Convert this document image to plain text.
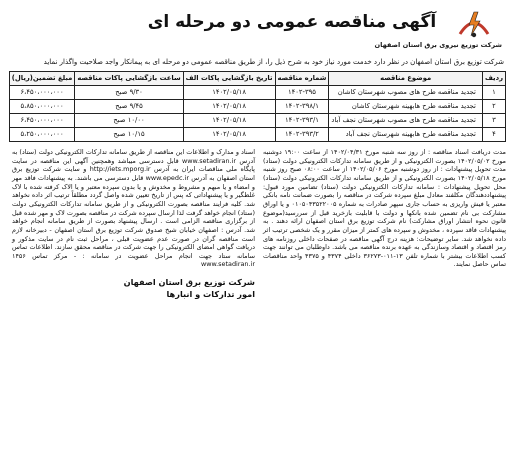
آگهی مناقصه عمومی دو مرحله ای
شرکت توزیع نیروی برق استان اصفهان
شرکت توزیع برق استان اصفهان در نظر دارد خدمت مورد نیاز خود به شرح ذیل را، از طریق مناقصه عمومی دو مرحله ای به پیمانکار واجد صلاحیت واگذار نماید
ردیف	موضوع مناقصه	شماره مناقصه	تاریخ بازگشایی پاکات الف	ساعت بازگشایی پاکات مناقصه	مبلغ تضمین(ریال)
۱	تجدید مناقصه طرح های مصوب شهرستان کاشان	۱۴۰۲-۳۹۵	۱۴۰۲/۰۵/۱۸	۹/۳۰ صبح	۶،۴۵۰،۰۰۰،۰۰۰
۲	تجدید مناقصه طرح هابهینه شهرستان کاشان	۱۴۰۲-۳۹۸/۱	۱۴۰۲/۰۵/۱۸	۹/۴۵ صبح	۵،۸۵۰،۰۰۰،۰۰۰
۳	تجدید مناقصه طرح های مصوب شهرستان نجف آباد	۱۴۰۲-۳۹۳/۱	۱۴۰۲/۰۵/۱۸	۱۰/۰۰ صبح	۶،۴۵۰،۰۰۰،۰۰۰
۴	تجدید مناقصه طرح هابهینه شهرستان نجف آباد	۱۴۰۲-۳۹۳/۲	۱۴۰۲/۰۵/۱۸	۱۰/۱۵ صبح	۵،۲۵۰،۰۰۰،۰۰۰

مدت دریافت اسناد مناقصه : از روز سه شنبه مورخ ۱۴۰۲/۰۴/۳۱ از ساعت ۱۹:۰۰ دوشنبه مورخ ۱۴۰۲/۰۵/۰۲ بصورت الکترونیکی و از طریق سامانه تدارکات الکترونیکی دولت (ستاد) مدت تحویل پیشنهادات : از روز دوشنبه مورخ ۱۴۰۲/۰۵/۰۶ از ساعت ۰۸:۰۰ صبح روز شنبه مورخ ۱۴۰۲/۰۵/۱۸ بصورت الکترونیکی و از طریق سامانه تدارکات الکترونیکی دولت (ستاد) محل تحویل پیشنهادات : سامانه تدارکات الکترونیکی دولت (ستاد) تضامین مورد قبول: پیشنهاددهندگان مکلفند معادل مبلغ سپرده شرکت در مناقصه را بصورت ضمانت نامه بانکی معتبر یا فیش واریزی به حساب جاری سپهر صادرات به شماره ۰۱۰۵۰۴۳۵۲۲۰۰۵ و یا اوراق مشارکت بی نام تضمین شده بانکها و دولت با قابلیت بازخرید قبل از سررسید(موضوع قانون نحوه انتشار اوراق مشارکت) نام شرکت توزیع برق استان اصفهان ارائه دهند . به پیشنهادات فاقد سپرده ، مخدوش و سپرده های کمتر از میزان مقرر و یک شخصی ترتیب اثر داده نخواهد شد. سایر توضیحات: هزینه درج آگهی مناقصه در صفحات داخلی روزنامه های رمز اقتصاد و اقتصاد وسازندگی به عهده برنده مناقصه می باشد. داوطلبان می توانند جهت کسب اطلاعات بیشتر با شماره تلفن ۱۳-۰۱۱-۳۶۲۷۳ داخلی ۴۳۷۴ و ۴۳۷۵ واحد مناقصات تماس حاصل نمایند.

اسناد و مدارک و اطلاعات این مناقصه از طریق سامانه تدارکات الکترونیکی دولت (ستاد) به آدرس www.setadiran.ir قابل دسترسی میباشد وهمچنین آگهی این مناقصه در سایت پایگاه ملی مناقصات ایران به آدرس http://iets.mporg.ir و سایت شرکت توزیع برق استان اصفهان به آدرس www.epedc.ir قابل دسترسی می باشند. به پیشنهادات فاقد مهر و امضاء و یا مبهم و مشروط و مخدوش و یا بدون سپرده معتبر و یا الاک کرفته شده با لاک غلطگیر و یا پیشنهاداتی که پس از تاریخ تعیین شده واصل گردد مطلقاً ترتیب اثر داده نخواهد شد. کلیه فرایند مناقصه بصورت الکترونیکی و از طریق سامانه تدارکات الکترونیکی دولت (ستاد) انجام خواهد گرفت لذا ارسال سپرده شرکت در مناقصه بصورت لاک و مهر شده قبل از برگزاری مناقصه الزامی است . ارسال پیشنهاد بصورت از طریق سامانه انجام خواهد شد. آدرس : اصفهان خیابان شیخ صدوق شرکت توزیع برق استان اصفهان - دبیرخانه لازم است مناقصه گران در صورت عدم عضویت قبلی ، مراحل ثبت نام در سایت مذکور و دریافت گواهی امضای الکترونیکی را جهت شرکت در مناقصه محقق سازند. اطلاعات تماس سامانه ستاد جهت انجام مراحل عضویت در سامانه : - مرکز تماس ۱۴۵۶ www.setadiran.ir

شرکت توزیع برق استان اصفهان
امور تدارکات و انبارها
